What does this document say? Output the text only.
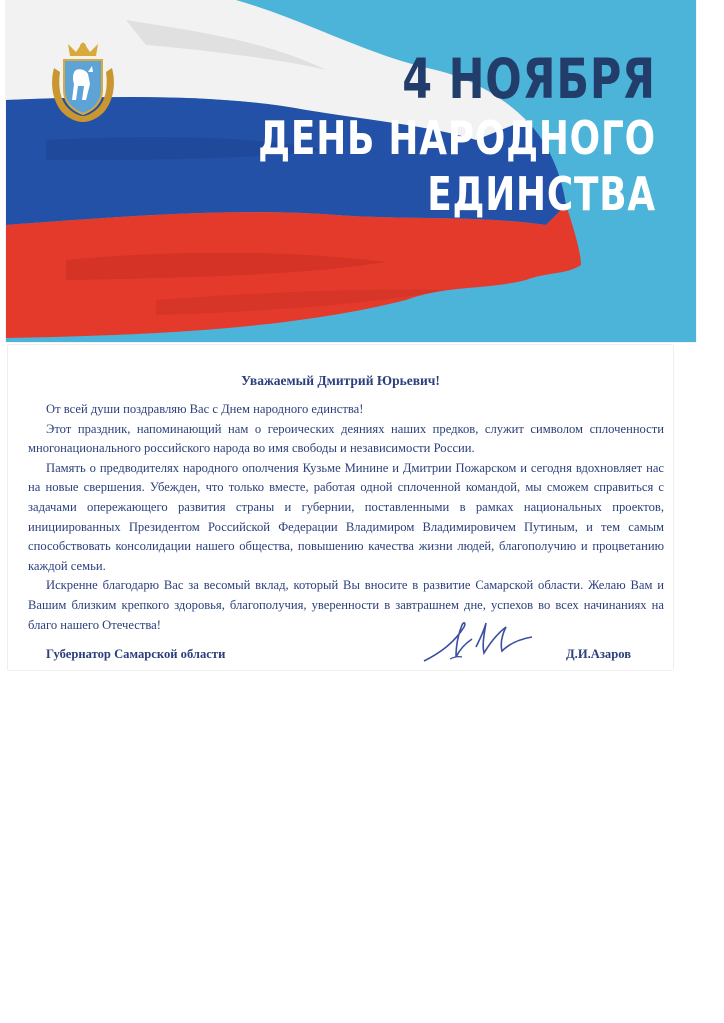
4 НОЯБРЯ
ДЕНЬ НАРОДНОГО
ЕДИНСТВА
Уважаемый Дмитрий Юрьевич!

От всей души поздравляю Вас с Днем народного единства!

Этот праздник, напоминающий нам о героических деяниях наших предков, служит символом сплоченности многонационального российского народа во имя свободы и независимости России.

Память о предводителях народного ополчения Кузьме Минине и Дмитрии Пожарском и сегодня вдохновляет нас на новые свершения. Убежден, что только вместе, работая одной сплоченной командой, мы сможем справиться с задачами опережающего развития страны и губернии, поставленными в рамках национальных проектов, инициированных Президентом Российской Федерации Владимиром Владимировичем Путиным, и тем самым способствовать консолидации нашего общества, повышению качества жизни людей, благополучию и процветанию каждой семьи.

Искренне благодарю Вас за весомый вклад, который Вы вносите в развитие Самарской области. Желаю Вам и Вашим близким крепкого здоровья, благополучия, уверенности в завтрашнем дне, успехов во всех начинаниях на благо нашего Отечества!

Губернатор Самарской области	Д.И.Азаров
